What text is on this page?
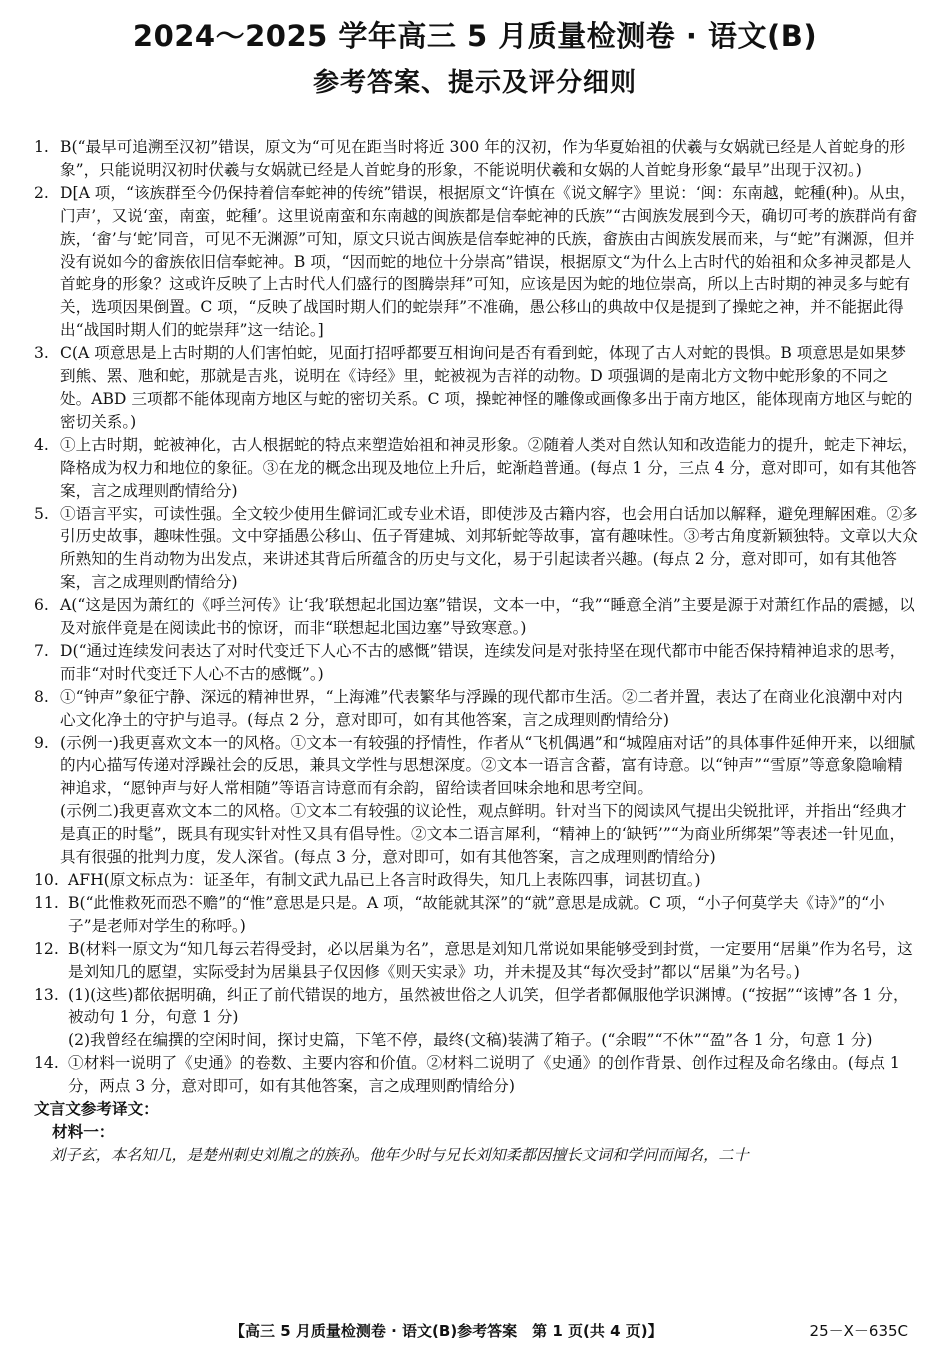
2024～2025 学年高三 5 月质量检测卷 · 语文(B)
参考答案、提示及评分细则
1. B(“最早可追溯至汉初”错误，原文为“可见在距当时将近 300 年的汉初，作为华夏始祖的伏羲与女娲就已经是人首蛇身的形象”，只能说明汉初时伏羲与女娲就已经是人首蛇身的形象，不能说明伏羲和女娲的人首蛇身形象“最早”出现于汉初。)

2. D[A 项，“该族群至今仍保持着信奉蛇神的传统”错误，根据原文“许慎在《说文解字》里说：‘闽：东南越，蛇種(种)。从虫，门声’，又说‘蛮，南蛮，蛇種’。这里说南蛮和东南越的闽族都是信奉蛇神的氏族”“古闽族发展到今天，确切可考的族群尚有畲族，‘畲’与‘蛇’同音，可见不无渊源”可知，原文只说古闽族是信奉蛇神的氏族，畲族由古闽族发展而来，与“蛇”有渊源，但并没有说如今的畲族依旧信奉蛇神。B 项，“因而蛇的地位十分崇高”错误，根据原文“为什么上古时代的始祖和众多神灵都是人首蛇身的形象？这或许反映了上古时代人们盛行的图腾崇拜”可知，应该是因为蛇的地位崇高，所以上古时期的神灵多与蛇有关，选项因果倒置。C 项，“反映了战国时期人们的蛇崇拜”不准确，愚公移山的典故中仅是提到了操蛇之神，并不能据此得出“战国时期人们的蛇崇拜”这一结论。]

3. C(A 项意思是上古时期的人们害怕蛇，见面打招呼都要互相询问是否有看到蛇，体现了古人对蛇的畏惧。B 项意思是如果梦到熊、罴、虺和蛇，那就是吉兆，说明在《诗经》里，蛇被视为吉祥的动物。D 项强调的是南北方文物中蛇形象的不同之处。ABD 三项都不能体现南方地区与蛇的密切关系。C 项，操蛇神怪的雕像或画像多出于南方地区，能体现南方地区与蛇的密切关系。)

4. ①上古时期，蛇被神化，古人根据蛇的特点来塑造始祖和神灵形象。②随着人类对自然认知和改造能力的提升，蛇走下神坛，降格成为权力和地位的象征。③在龙的概念出现及地位上升后，蛇渐趋普通。(每点 1 分，三点 4 分，意对即可，如有其他答案，言之成理则酌情给分)

5. ①语言平实，可读性强。全文较少使用生僻词汇或专业术语，即使涉及古籍内容，也会用白话加以解释，避免理解困难。②多引历史故事，趣味性强。文中穿插愚公移山、伍子胥建城、刘邦斩蛇等故事，富有趣味性。③考古角度新颖独特。文章以大众所熟知的生肖动物为出发点，来讲述其背后所蕴含的历史与文化，易于引起读者兴趣。(每点 2 分，意对即可，如有其他答案，言之成理则酌情给分)

6. A(“这是因为萧红的《呼兰河传》让‘我’联想起北国边塞”错误，文本一中，“我”“睡意全消”主要是源于对萧红作品的震撼，以及对旅伴竟是在阅读此书的惊讶，而非“联想起北国边塞”导致寒意。)

7. D(“通过连续发问表达了对时代变迁下人心不古的感慨”错误，连续发问是对张持坚在现代都市中能否保持精神追求的思考，而非“对时代变迁下人心不古的感慨”。)

8. ①“钟声”象征宁静、深远的精神世界，“上海滩”代表繁华与浮躁的现代都市生活。②二者并置，表达了在商业化浪潮中对内心文化净土的守护与追寻。(每点 2 分，意对即可，如有其他答案，言之成理则酌情给分)

9. (示例一)我更喜欢文本一的风格。①文本一有较强的抒情性，作者从“飞机偶遇”和“城隍庙对话”的具体事件延伸开来，以细腻的内心描写传递对浮躁社会的反思，兼具文学性与思想深度。②文本一语言含蓄，富有诗意。以“钟声”“雪原”等意象隐喻精神追求，“愿钟声与好人常相随”等语言诗意而有余韵，留给读者回味余地和思考空间。

(示例二)我更喜欢文本二的风格。①文本二有较强的议论性，观点鲜明。针对当下的阅读风气提出尖锐批评，并指出“经典才是真正的时髦”，既具有现实针对性又具有倡导性。②文本二语言犀利，“精神上的‘缺钙’”“为商业所绑架”等表述一针见血，具有很强的批判力度，发人深省。(每点 3 分，意对即可，如有其他答案，言之成理则酌情给分)

10. AFH(原文标点为：证圣年，有制文武九品已上各言时政得失，知几上表陈四事，词甚切直。)

11. B(“此惟救死而恐不赡”的“惟”意思是只是。A 项，“故能就其深”的“就”意思是成就。C 项，“小子何莫学夫《诗》”的“小子”是老师对学生的称呼。)

12. B(材料一原文为“知几每云若得受封，必以居巢为名”，意思是刘知几常说如果能够受到封赏，一定要用“居巢”作为名号，这是刘知几的愿望，实际受封为居巢县子仅因修《则天实录》功，并未提及其“每次受封”都以“居巢”为名号。)

13. (1)(这些)都依据明确，纠正了前代错误的地方，虽然被世俗之人讥笑，但学者都佩服他学识渊博。(“按据”“该博”各 1 分，被动句 1 分，句意 1 分)

(2)我曾经在编撰的空闲时间，探讨史篇，下笔不停，最终(文稿)装满了箱子。(“余暇”“不休”“盈”各 1 分，句意 1 分)

14. ①材料一说明了《史通》的卷数、主要内容和价值。②材料二说明了《史通》的创作背景、创作过程及命名缘由。(每点 1 分，两点 3 分，意对即可，如有其他答案，言之成理则酌情给分)

文言文参考译文：

材料一：

刘子玄，本名知几，是楚州刺史刘胤之的族孙。他年少时与兄长刘知柔都因擅长文词和学问而闻名，二十

【高三 5 月质量检测卷 · 语文(B)参考答案　第 1 页(共 4 页)】	25－X－635C
